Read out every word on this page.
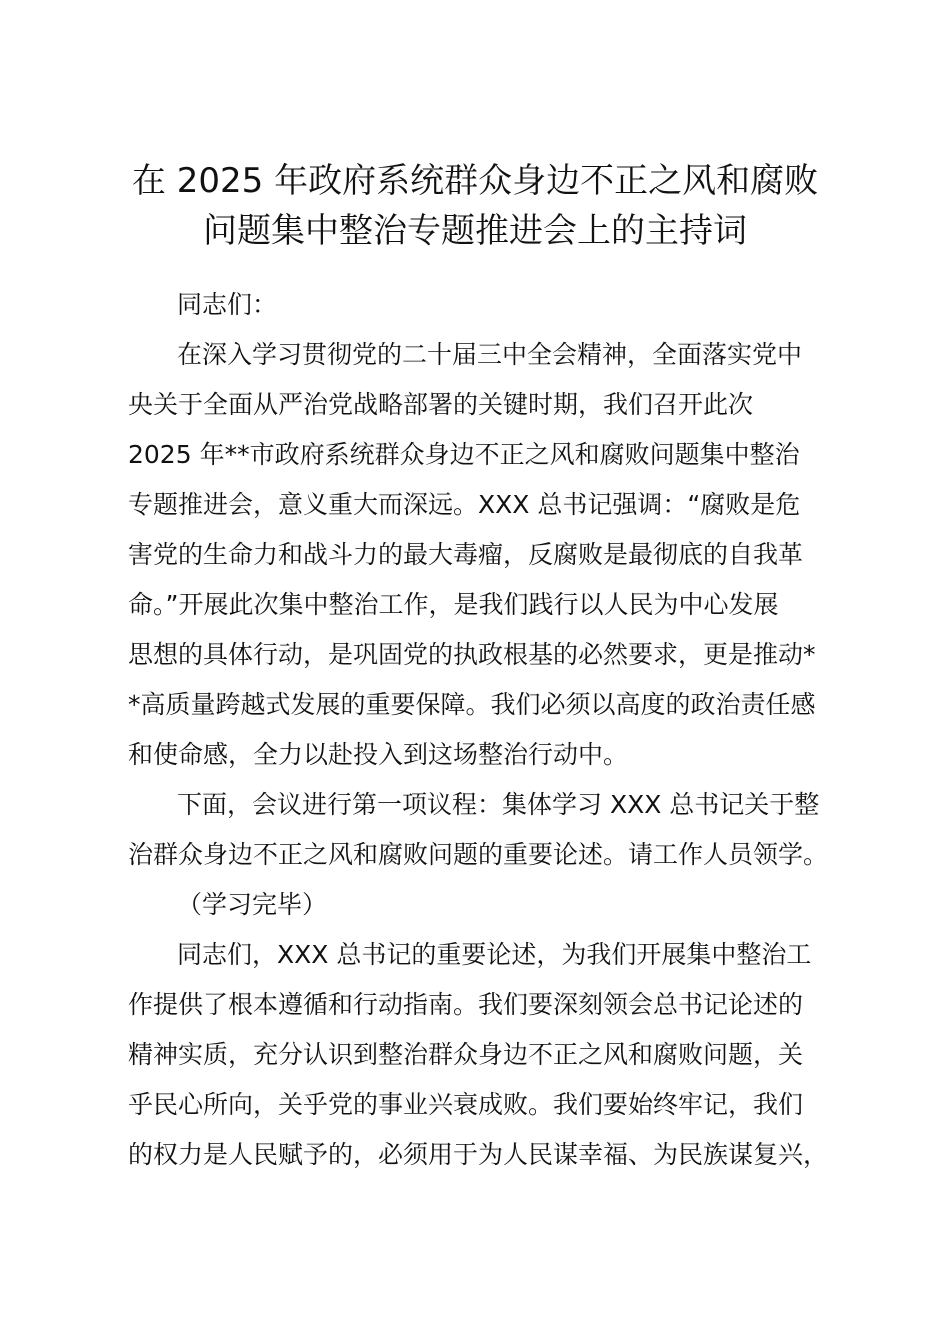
在 2025 年政府系统群众身边不正之风和腐败
问题集中整治专题推进会上的主持词
同志们：
在深入学习贯彻党的二十届三中全会精神，全面落实党中
央关于全面从严治党战略部署的关键时期，我们召开此次
2025 年**市政府系统群众身边不正之风和腐败问题集中整治
专题推进会，意义重大而深远。XXX 总书记强调：“腐败是危
害党的生命力和战斗力的最大毒瘤，反腐败是最彻底的自我革
命。”开展此次集中整治工作，是我们践行以人民为中心发展
思想的具体行动，是巩固党的执政根基的必然要求，更是推动*
*高质量跨越式发展的重要保障。我们必须以高度的政治责任感
和使命感，全力以赴投入到这场整治行动中。
下面，会议进行第一项议程：集体学习 XXX 总书记关于整
治群众身边不正之风和腐败问题的重要论述。请工作人员领学。
（学习完毕）
同志们，XXX 总书记的重要论述，为我们开展集中整治工
作提供了根本遵循和行动指南。我们要深刻领会总书记论述的
精神实质，充分认识到整治群众身边不正之风和腐败问题，关
乎民心所向，关乎党的事业兴衰成败。我们要始终牢记，我们
的权力是人民赋予的，必须用于为人民谋幸福、为民族谋复兴，
